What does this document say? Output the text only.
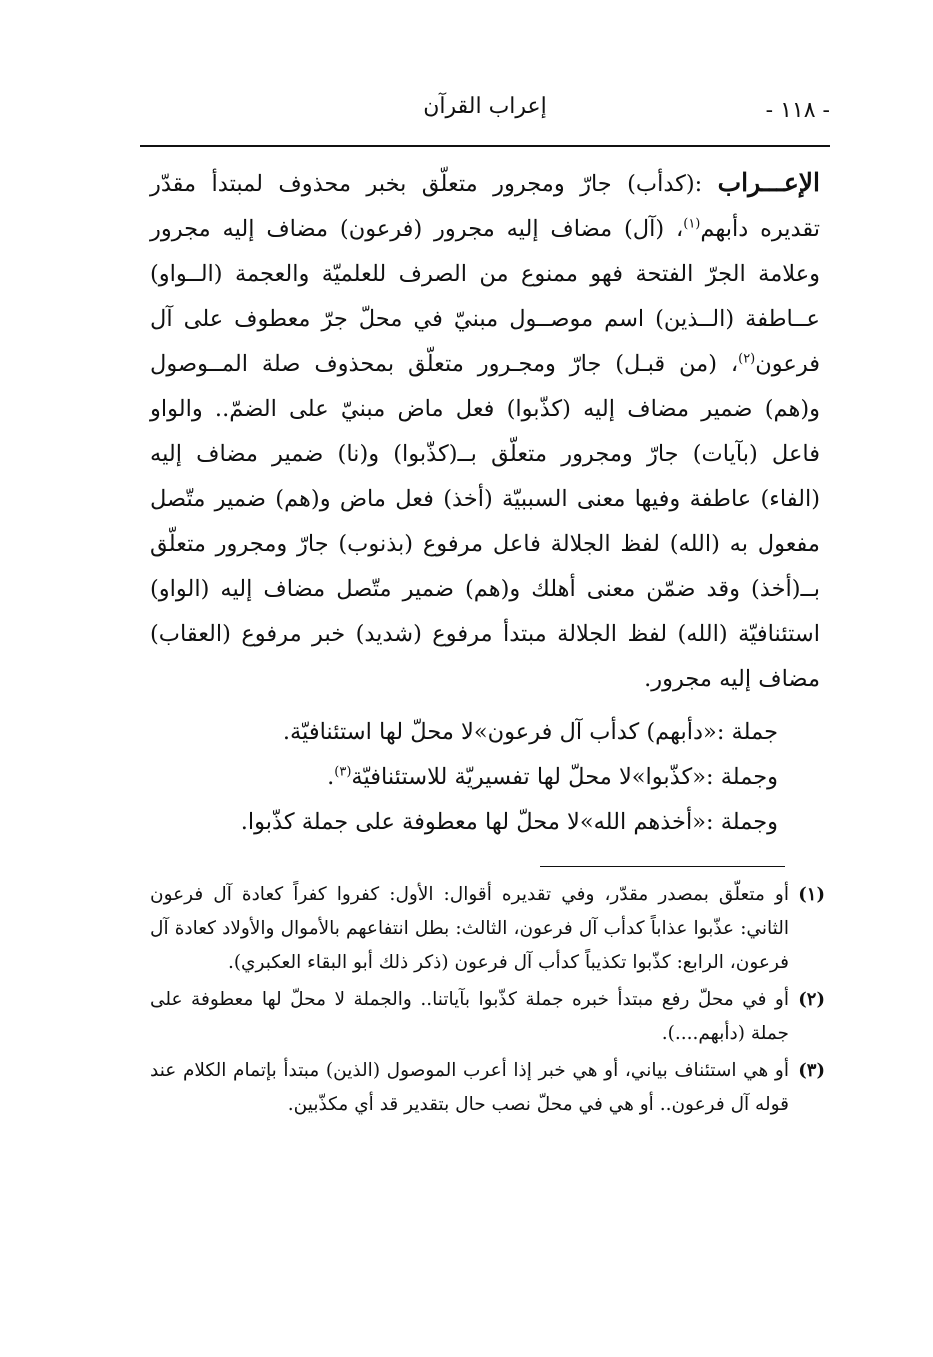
- ١١٨ -
إعراب القرآن

الإعـــراب :(كدأب) جارّ ومجرور متعلّق بخبر محذوف لمبتدأ مقدّر تقديره دأبهم$^{(١)}$، (آل) مضاف إليه مجرور (فرعون) مضاف إليه مجرور وعلامة الجرّ الفتحة فهو ممنوع من الصرف للعلميّة والعجمة (الــواو) عــاطفة (الــذين) اسم موصــول مبنيّ في محلّ جرّ معطوف على آل فرعون$^{(٢)}$، (من قبـل) جارّ ومجـرور متعلّق بمحذوف صلة المــوصول و(هم) ضمير مضاف إليه (كذّبوا) فعل ماض مبنيّ على الضمّ.. والواو فاعل (بآيات) جارّ ومجرور متعلّق بــ(كذّبوا) و(نا) ضمير مضاف إليه (الفاء) عاطفة وفيها معنى السببيّة (أخذ) فعل ماض و(هم) ضمير متّصل مفعول به (الله) لفظ الجلالة فاعل مرفوع (بذنوب) جارّ ومجرور متعلّق بــ(أخذ) وقد ضمّن معنى أهلك و(هم) ضمير متّصل مضاف إليه (الواو) استئنافيّة (الله) لفظ الجلالة مبتدأ مرفوع (شديد) خبر مرفوع (العقاب) مضاف إليه مجرور.

جملة :«دأبهم) كدأب آل فرعون»لا محلّ لها استئنافيّة.
وجملة :«كذّبوا»لا محلّ لها تفسيريّة للاستئنافيّة$^{(٣)}$.
وجملة :«أخذهم الله»لا محلّ لها معطوفة على جملة كذّبوا.
(١)
أو متعلّق بمصدر مقدّر، وفي تقديره أقوال: الأول: كفروا كفراً كعادة آل فرعون الثاني: عذّبوا عذاباً كدأب آل فرعون، الثالث: بطل انتفاعهم بالأموال والأولاد كعادة آل فرعون، الرابع: كذّبوا تكذيباً كدأب آل فرعون (ذكر ذلك أبو البقاء العكبري).
(٢)
أو في محلّ رفع مبتدأ خبره جملة كذّبوا بآياتنا.. والجملة لا محلّ لها معطوفة على جملة (دأبهم....).
(٣)
أو هي استئناف بياني، أو هي خبر إذا أعرب الموصول (الذين) مبتدأ بإتمام الكلام عند قوله آل فرعون.. أو هي في محلّ نصب حال بتقدير قد أي مكذّبين.
